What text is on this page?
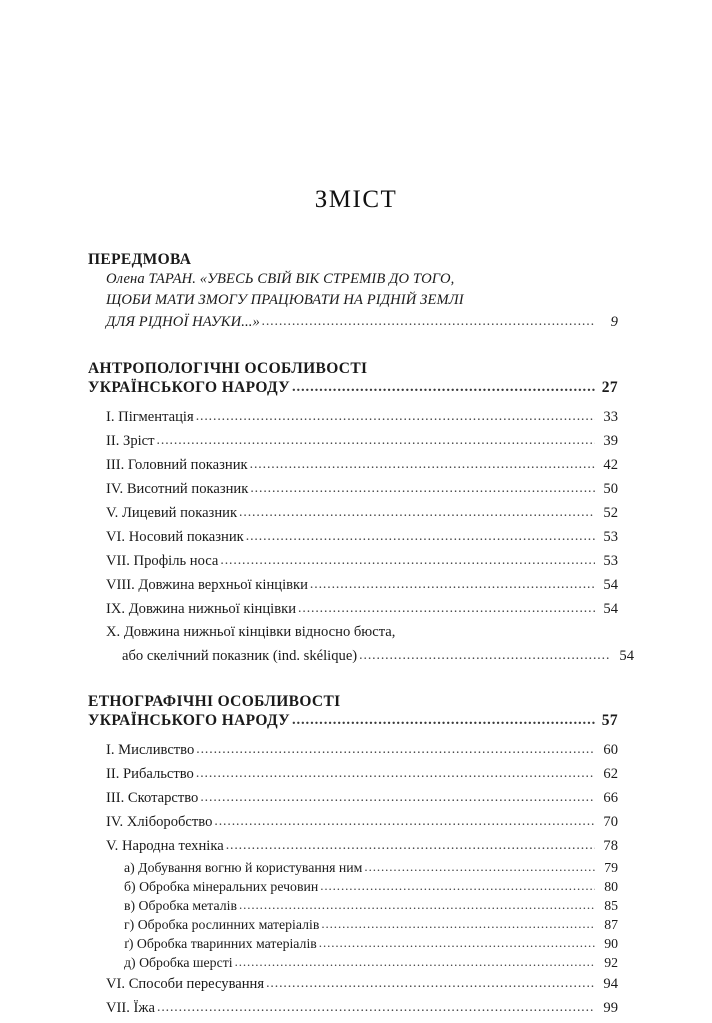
ЗМІСТ
ПЕРЕДМОВА
Олена ТАРАН. «УВЕСЬ СВІЙ ВІК СТРЕМІВ ДО ТОГО,
ЩОБИ МАТИ ЗМОГУ ПРАЦЮВАТИ НА РІДНІЙ ЗЕМЛІ
ДЛЯ РІДНОЇ НАУКИ...» .....	9
АНТРОПОЛОГІЧНІ ОСОБЛИВОСТІ
УКРАЇНСЬКОГО НАРОДУ .....	27
I. Пігментація .....	33
II. Зріст .....	39
III. Головний показник .....	42
IV. Висотний показник .....	50
V. Лицевий показник .....	52
VI. Носовий показник .....	53
VII. Профіль носа .....	53
VIII. Довжина верхньої кінцівки .....	54
IX. Довжина нижньої кінцівки .....	54
X. Довжина нижньої кінцівки відносно бюста,
або скелічний показник (ind. skélique) .....	54
ЕТНОГРАФІЧНІ ОСОБЛИВОСТІ
УКРАЇНСЬКОГО НАРОДУ .....	57
I. Мисливство .....	60
II. Рибальство .....	62
III. Скотарство .....	66
IV. Хліборобство .....	70
V. Народна техніка .....	78
а) Добування вогню й користування ним .....	79
б) Обробка мінеральних речовин .....	80
в) Обробка металів .....	85
г) Обробка рослинних матеріалів .....	87
ґ) Обробка тваринних матеріалів .....	90
д) Обробка шерсті .....	92
VI. Способи пересування .....	94
VII. Їжа .....	99
